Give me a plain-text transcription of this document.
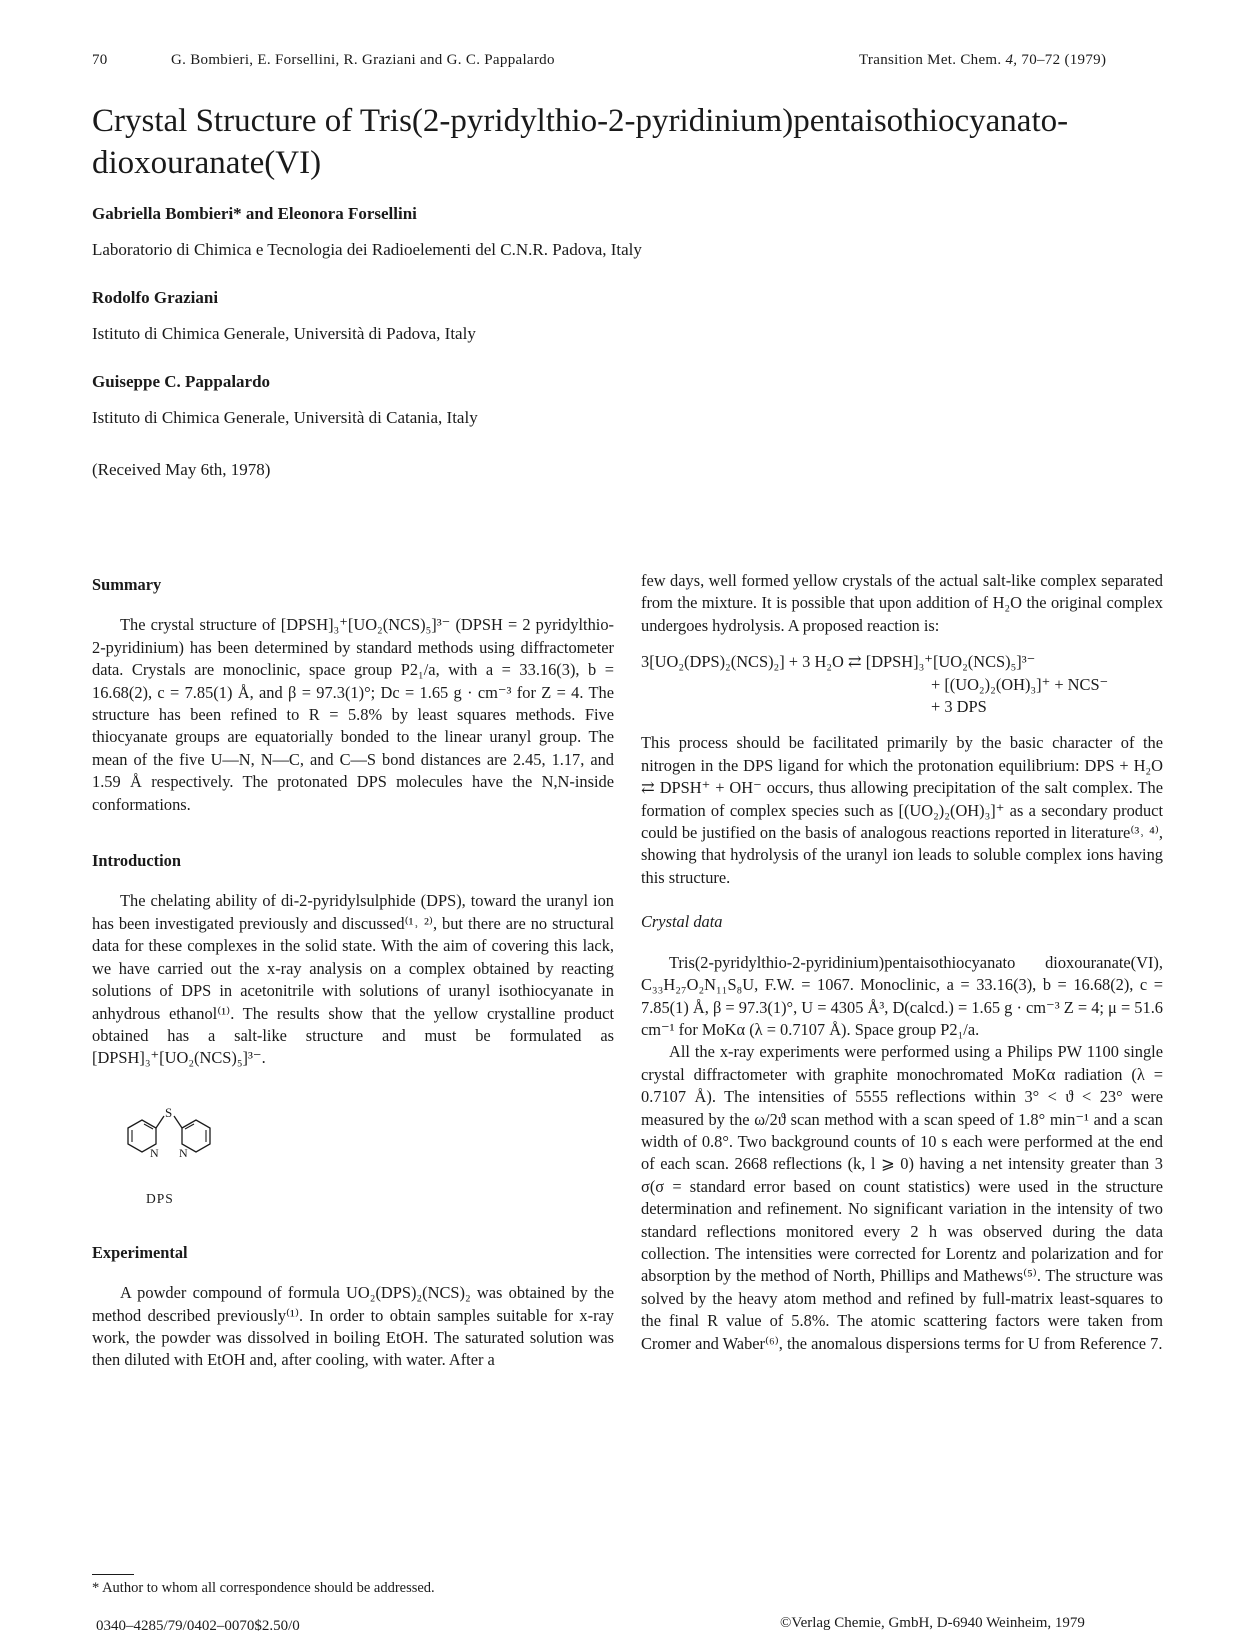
70	G. Bombieri, E. Forsellini, R. Graziani and G. C. Pappalardo	Transition Met. Chem. 4, 70–72 (1979)
Crystal Structure of Tris(2-pyridylthio-2-pyridinium)pentaisothiocyanato-
dioxouranate(VI)
Gabriella Bombieri* and Eleonora Forsellini
Laboratorio di Chimica e Tecnologia dei Radioelementi del C.N.R. Padova, Italy
Rodolfo Graziani
Istituto di Chimica Generale, Università di Padova, Italy
Guiseppe C. Pappalardo
Istituto di Chimica Generale, Università di Catania, Italy
(Received May 6th, 1978)
Summary

The crystal structure of [DPSH]₃⁺[UO₂(NCS)₅]³⁻ (DPSH = 2 pyridylthio-2-pyridinium) has been determined by standard methods using diffractometer data. Crystals are monoclinic, space group P2₁/a, with a = 33.16(3), b = 16.68(2), c = 7.85(1) Å, and β = 97.3(1)°; Dc = 1.65 g · cm⁻³ for Z = 4. The structure has been refined to R = 5.8% by least squares methods. Five thiocyanate groups are equatorially bonded to the linear uranyl group. The mean of the five U—N, N—C, and C—S bond distances are 2.45, 1.17, and 1.59 Å respectively. The protonated DPS molecules have the N,N-inside conformations.

Introduction

The chelating ability of di-2-pyridylsulphide (DPS), toward the uranyl ion has been investigated previously and discussed⁽¹˒ ²⁾, but there are no structural data for these complexes in the solid state. With the aim of covering this lack, we have carried out the x-ray analysis on a complex obtained by reacting solutions of DPS in acetonitrile with solutions of uranyl isothiocyanate in anhydrous ethanol⁽¹⁾. The results show that the yellow crystalline product obtained has a salt-like structure and must be formulated as [DPSH]₃⁺[UO₂(NCS)₅]³⁻.

S
N N
DPS
Experimental

A powder compound of formula UO₂(DPS)₂(NCS)₂ was obtained by the method described previously⁽¹⁾. In order to obtain samples suitable for x-ray work, the powder was dissolved in boiling EtOH. The saturated solution was then diluted with EtOH and, after cooling, with water. After a

* Author to whom all correspondence should be addressed.

few days, well formed yellow crystals of the actual salt-like complex separated from the mixture. It is possible that upon addition of H₂O the original complex undergoes hydrolysis. A proposed reaction is:

3[UO₂(DPS)₂(NCS)₂] + 3 H₂O ⇄ [DPSH]₃⁺[UO₂(NCS)₅]³⁻
+ [(UO₂)₂(OH)₃]⁺ + NCS⁻
+ 3 DPS

This process should be facilitated primarily by the basic character of the nitrogen in the DPS ligand for which the protonation equilibrium: DPS + H₂O ⇄ DPSH⁺ + OH⁻ occurs, thus allowing precipitation of the salt complex. The formation of complex species such as [(UO₂)₂(OH)₃]⁺ as a secondary product could be justified on the basis of analogous reactions reported in literature⁽³˒ ⁴⁾, showing that hydrolysis of the uranyl ion leads to soluble complex ions having this structure.

Crystal data

Tris(2-pyridylthio-2-pyridinium)pentaisothiocyanato dioxouranate(VI), C₃₃H₂₇O₂N₁₁S₈U, F.W. = 1067. Monoclinic, a = 33.16(3), b = 16.68(2), c = 7.85(1) Å, β = 97.3(1)°, U = 4305 Å³, D(calcd.) = 1.65 g · cm⁻³ Z = 4; μ = 51.6 cm⁻¹ for MoKα (λ = 0.7107 Å). Space group P2₁/a.

All the x-ray experiments were performed using a Philips PW 1100 single crystal diffractometer with graphite monochromated MoKα radiation (λ = 0.7107 Å). The intensities of 5555 reflections within 3° < ϑ < 23° were measured by the ω/2ϑ scan method with a scan speed of 1.8° min⁻¹ and a scan width of 0.8°. Two background counts of 10 s each were performed at the end of each scan. 2668 reflections (k, l ⩾ 0) having a net intensity greater than 3 σ(σ = standard error based on count statistics) were used in the structure determination and refinement. No significant variation in the intensity of two standard reflections monitored every 2 h was observed during the data collection. The intensities were corrected for Lorentz and polarization and for absorption by the method of North, Phillips and Mathews⁽⁵⁾. The structure was solved by the heavy atom method and refined by full-matrix least-squares to the final R value of 5.8%. The atomic scattering factors were taken from Cromer and Waber⁽⁶⁾, the anomalous dispersions terms for U from Reference 7.

0340–4285/79/0402–0070$2.50/0	©Verlag Chemie, GmbH, D-6940 Weinheim, 1979
